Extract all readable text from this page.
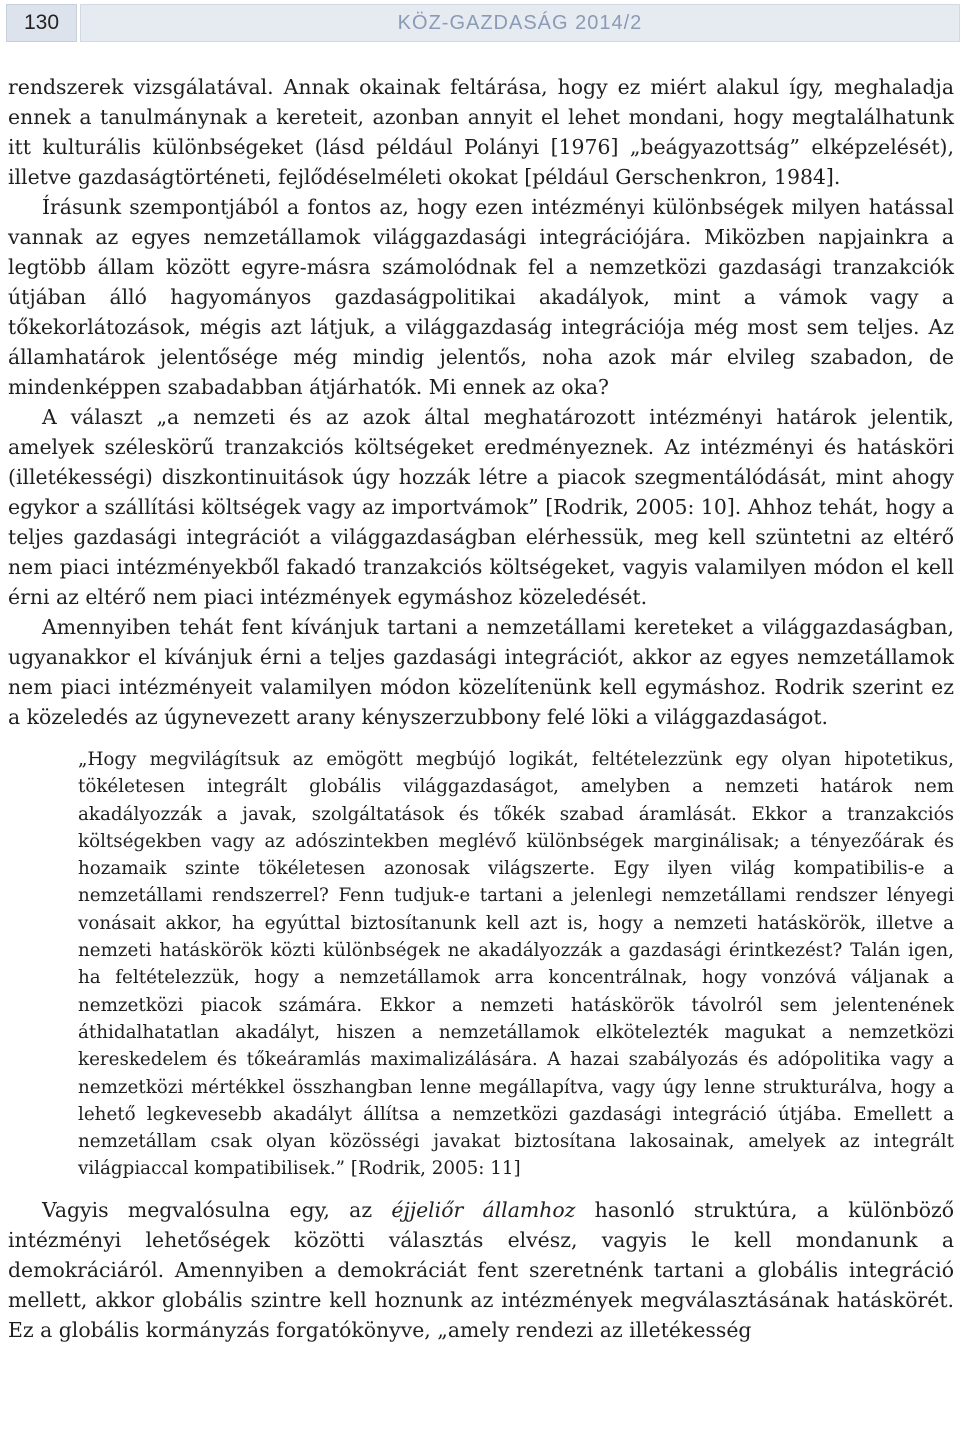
130	KÖZ-GAZDASÁG 2014/2

rendszerek vizsgálatával. Annak okainak feltárása, hogy ez miért alakul így, meghaladja ennek a tanulmánynak a kereteit, azonban annyit el lehet mondani, hogy megtalálhatunk itt kulturális különbségeket (lásd például Polányi [1976] „beágyazottság” elképzelését), illetve gazdaságtörténeti, fejlődéselméleti okokat [például Gerschenkron, 1984].

Írásunk szempontjából a fontos az, hogy ezen intézményi különbségek milyen hatással vannak az egyes nemzetállamok világgazdasági integrációjára. Miközben napjainkra a legtöbb állam között egyre-másra számolódnak fel a nemzetközi gazdasági tranzakciók útjában álló hagyományos gazdaságpolitikai akadályok, mint a vámok vagy a tőkekorlátozások, mégis azt látjuk, a világgazdaság integrációja még most sem teljes. Az államhatárok jelentősége még mindig jelentős, noha azok már elvileg szabadon, de mindenképpen szabadabban átjárhatók. Mi ennek az oka?

A választ „a nemzeti és az azok által meghatározott intézményi határok jelentik, amelyek széleskörű tranzakciós költségeket eredményeznek. Az intézményi és hatásköri (illetékességi) diszkontinuitások úgy hozzák létre a piacok szegmentálódását, mint ahogy egykor a szállítási költségek vagy az importvámok” [Rodrik, 2005: 10]. Ahhoz tehát, hogy a teljes gazdasági integrációt a világgazdaságban elérhessük, meg kell szüntetni az eltérő nem piaci intézményekből fakadó tranzakciós költségeket, vagyis valamilyen módon el kell érni az eltérő nem piaci intézmények egymáshoz közeledését.

Amennyiben tehát fent kívánjuk tartani a nemzetállami kereteket a világgazdaságban, ugyanakkor el kívánjuk érni a teljes gazdasági integrációt, akkor az egyes nemzetállamok nem piaci intézményeit valamilyen módon közelítenünk kell egymáshoz. Rodrik szerint ez a közeledés az úgynevezett arany kényszerzubbony felé löki a világgazdaságot.

„Hogy megvilágítsuk az emögött megbújó logikát, feltételezzünk egy olyan hipotetikus, tökéletesen integrált globális világgazdaságot, amelyben a nemzeti határok nem akadályozzák a javak, szolgáltatások és tőkék szabad áramlását. Ekkor a tranzakciós költségekben vagy az adószintekben meglévő különbségek marginálisak; a tényezőárak és hozamaik szinte tökéletesen azonosak világszerte. Egy ilyen világ kompatibilis-e a nemzetállami rendszerrel? Fenn tudjuk-e tartani a jelenlegi nemzetállami rendszer lényegi vonásait akkor, ha egyúttal biztosítanunk kell azt is, hogy a nemzeti hatáskörök, illetve a nemzeti hatáskörök közti különbségek ne akadályozzák a gazdasági érintkezést? Talán igen, ha feltételezzük, hogy a nemzetállamok arra koncentrálnak, hogy vonzóvá váljanak a nemzetközi piacok számára. Ekkor a nemzeti hatáskörök távolról sem jelentenének áthidalhatatlan akadályt, hiszen a nemzetállamok elkötelezték magukat a nemzetközi kereskedelem és tőkeáramlás maximalizálására. A hazai szabályozás és adópolitika vagy a nemzetközi mértékkel összhangban lenne megállapítva, vagy úgy lenne strukturálva, hogy a lehető legkevesebb akadályt állítsa a nemzetközi gazdasági integráció útjába. Emellett a nemzetállam csak olyan közösségi javakat biztosítana lakosainak, amelyek az integrált világpiaccal kompatibilisek.” [Rodrik, 2005: 11]

Vagyis megvalósulna egy, az éjjeliőr államhoz hasonló struktúra, a különböző intézményi lehetőségek közötti választás elvész, vagyis le kell mondanunk a demokráciáról. Amennyiben a demokráciát fent szeretnénk tartani a globális integráció mellett, akkor globális szintre kell hoznunk az intézmények megválasztásának hatáskörét. Ez a globális kormányzás forgatókönyve, „amely rendezi az illetékesség
